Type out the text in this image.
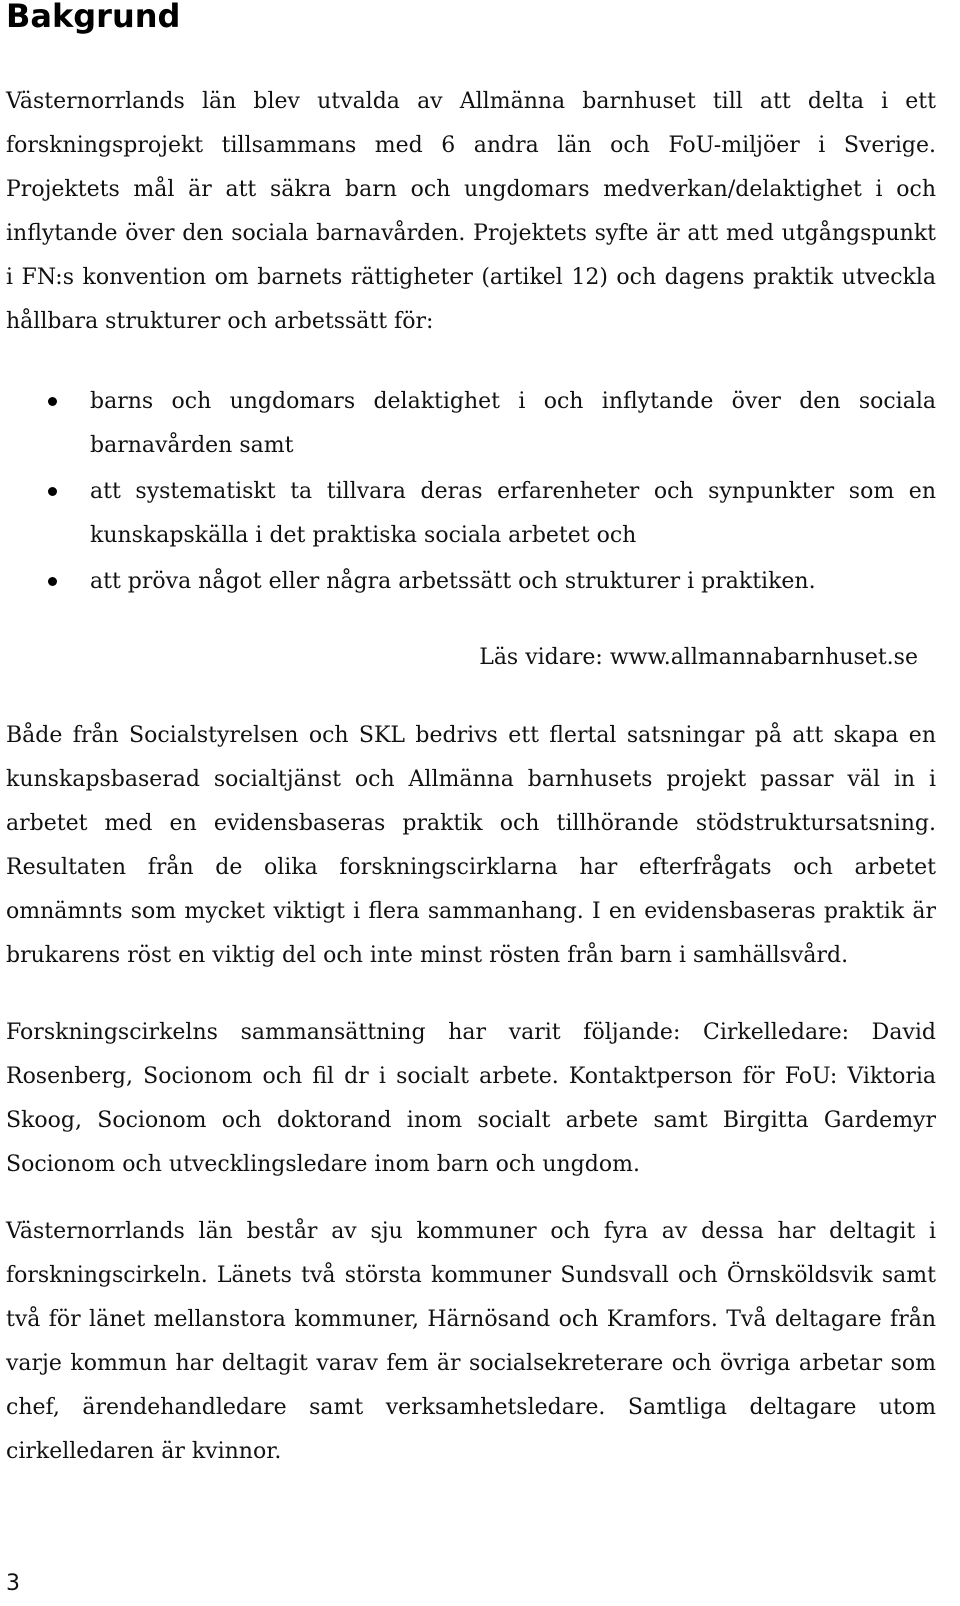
Bakgrund

Västernorrlands län blev utvalda av Allmänna barnhuset till att delta i ett forskningsprojekt tillsammans med 6 andra län och FoU-miljöer i Sverige. Projektets mål är att säkra barn och ungdomars medverkan/delaktighet i och inflytande över den sociala barnavården. Projektets syfte är att med utgångspunkt i FN:s konvention om barnets rättigheter (artikel 12) och dagens praktik utveckla hållbara strukturer och arbetssätt för:

barns och ungdomars delaktighet i och inflytande över den sociala barnavården samt
att systematiskt ta tillvara deras erfarenheter och synpunkter som en kunskapskälla i det praktiska sociala arbetet och
att pröva något eller några arbetssätt och strukturer i praktiken.

Läs vidare: www.allmannabarnhuset.se

Både från Socialstyrelsen och SKL bedrivs ett flertal satsningar på att skapa en kunskapsbaserad socialtjänst och Allmänna barnhusets projekt passar väl in i arbetet med en evidensbaseras praktik och tillhörande stödstruktursatsning. Resultaten från de olika forskningscirklarna har efterfrågats och arbetet omnämnts som mycket viktigt i flera sammanhang. I en evidensbaseras praktik är brukarens röst en viktig del och inte minst rösten från barn i samhällsvård.

Forskningscirkelns sammansättning har varit följande: Cirkelledare: David Rosenberg, Socionom och fil dr i socialt arbete. Kontaktperson för FoU: Viktoria Skoog, Socionom och doktorand inom socialt arbete samt Birgitta Gardemyr Socionom och utvecklingsledare inom barn och ungdom.

Västernorrlands län består av sju kommuner och fyra av dessa har deltagit i forskningscirkeln. Länets två största kommuner Sundsvall och Örnsköldsvik samt två för länet mellanstora kommuner, Härnösand och Kramfors. Två deltagare från varje kommun har deltagit varav fem är socialsekreterare och övriga arbetar som chef, ärendehandledare samt verksamhetsledare. Samtliga deltagare utom cirkelledaren är kvinnor.

3
